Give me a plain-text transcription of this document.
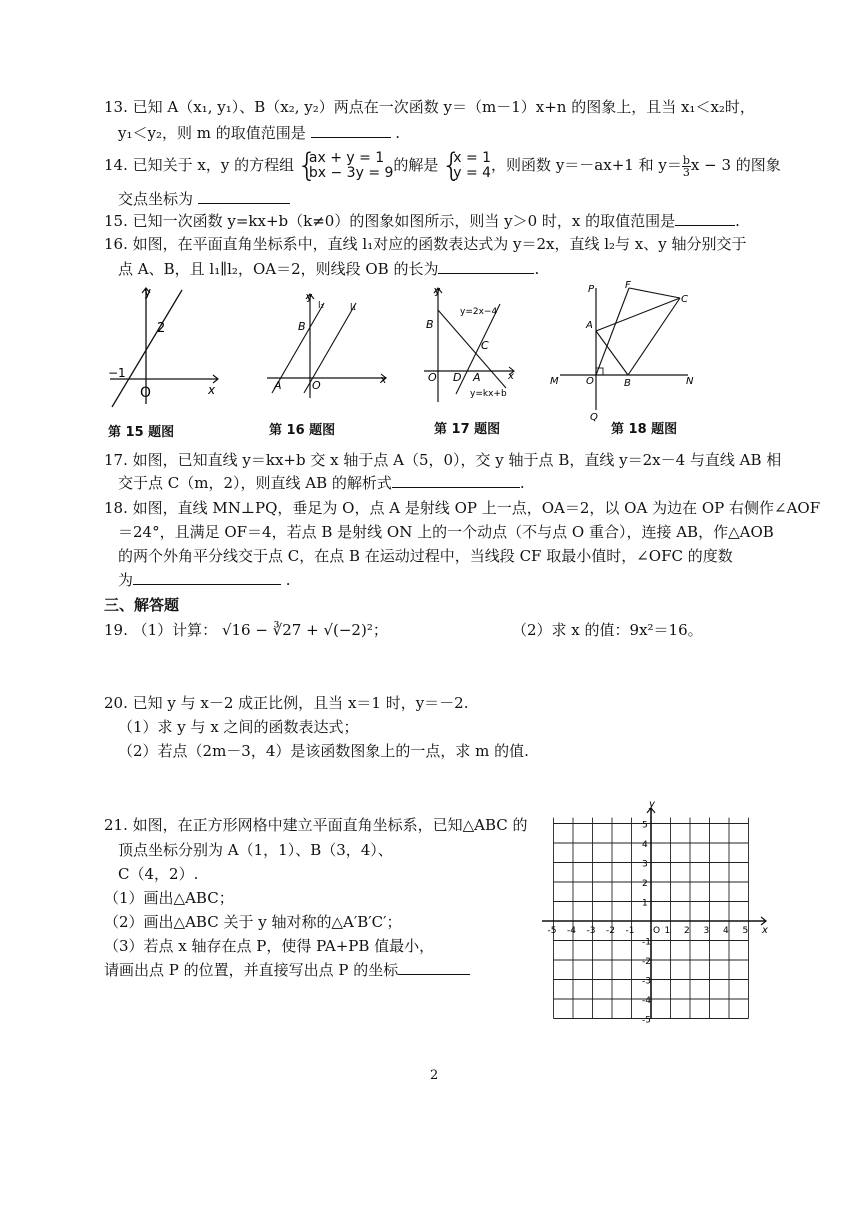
13. 已知 A（x₁, y₁）、B（x₂, y₂）两点在一次函数 y＝（m－1）x+n 的图象上，且当 x₁＜x₂时，
y₁＜y₂，则 m 的取值范围是	.
14. 已知关于 x，y 的方程组 { ax + y = 1
bx − 3y = 9 的解是 { x = 1
y = 4 ，则函数 y＝－ax+1 和 $y= \frac{b}{3}$ x − 3 的图象
交点坐标为
15. 已知一次函数 y=kx+b（k≠0）的图象如图所示，则当 y＞0 时，x 的取值范围是	.
16. 如图，在平面直角坐标系中，直线 l₁对应的函数表达式为 y＝2x，直线 l₂与 x、y 轴分别交于
点 A、B，且 l₁∥l₂，OA＝2，则线段 OB 的长为	.
y
x
2
−1
O
第 15 题图
y
x
B
A	O
l₂	l₁
第 16 题图
y
x
B
C
O D A
y=2x−4
y=kx+b
第 17 题图
P	F
C
A
M	O	B	N
Q
第 18 题图
17. 如图，已知直线 y＝kx+b 交 x 轴于点 A（5，0），交 y 轴于点 B，直线 y＝2x－4 与直线 AB 相
交于点 C（m，2），则直线 AB 的解析式	.
18. 如图，直线 MN⊥PQ，垂足为 O，点 A 是射线 OP 上一点，OA＝2，以 OA 为边在 OP 右侧作∠AOF
＝24°，且满足 OF＝4，若点 B 是射线 ON 上的一个动点（不与点 O 重合），连接 AB，作△AOB
的两个外角平分线交于点 C，在点 B 在运动过程中，当线段 CF 取最小值时，∠OFC 的度数
为	.
三、解答题
19. （1）计算： √16 − ∛27 + √(−2)²；	（2）求 x 的值：9x²＝16。
20. 已知 y 与 x－2 成正比例，且当 x＝1 时，y＝－2.
（1）求 y 与 x 之间的函数表达式；
（2）若点（2m－3，4）是该函数图象上的一点，求 m 的值.
21. 如图，在正方形网格中建立平面直角坐标系，已知△ABC 的
顶点坐标分别为 A（1，1）、B（3，4）、
C（4，2）.
（1）画出△ABC；
（2）画出△ABC 关于 y 轴对称的△A′B′C′；
（3）若点 x 轴存在点 P，使得 PA+PB 值最小，
请画出点 P 的位置，并直接写出点 P 的坐标
-5 -4 -3 -2 -1	1 2 3 4 5
5
4
3
2
1
-1
-2
-3
-4
-5
x
y
O
2
